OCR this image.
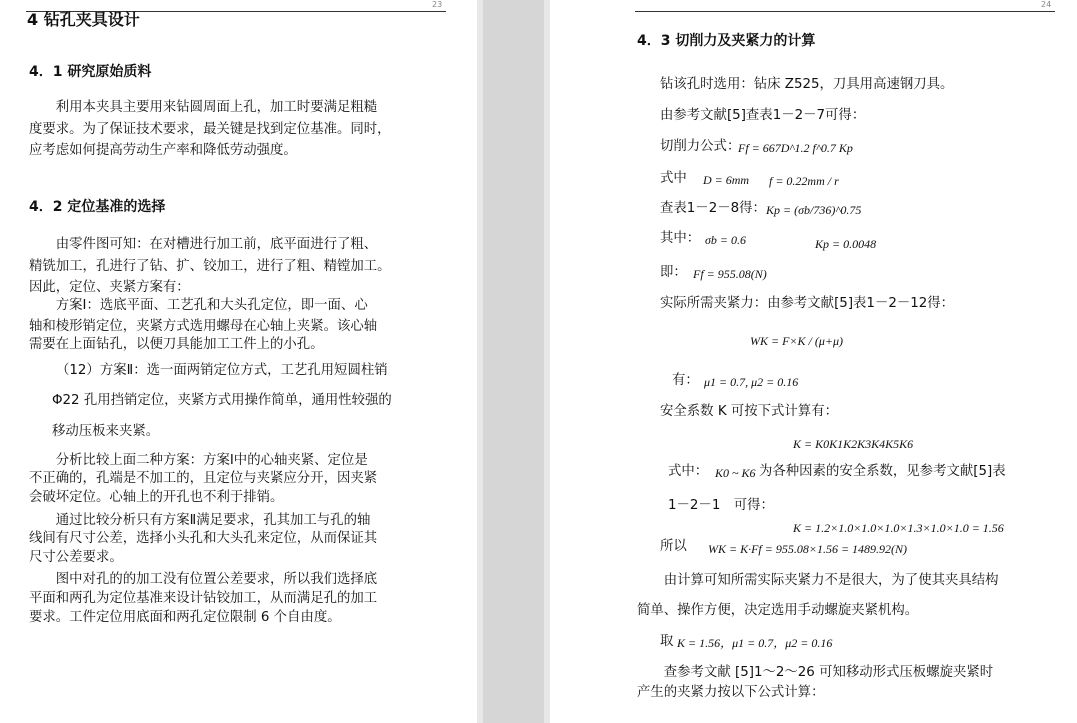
23
4 钻孔夹具设计
4．1 研究原始质料
　　利用本夹具主要用来钻圆周面上孔，加工时要满足粗糙
度要求。为了保证技术要求，最关键是找到定位基准。同时，
应考虑如何提高劳动生产率和降低劳动强度。
4．2 定位基准的选择
　　由零件图可知：在对槽进行加工前，底平面进行了粗、
精铣加工，孔进行了钻、扩、铰加工，进行了粗、精镗加工。
因此，定位、夹紧方案有：
　　方案Ⅰ：选底平面、工艺孔和大头孔定位，即一面、心
轴和棱形销定位，夹紧方式选用螺母在心轴上夹紧。该心轴
需要在上面钻孔，以便刀具能加工工件上的小孔。
（12）方案Ⅱ：选一面两销定位方式，工艺孔用短圆柱销
Φ22 孔用挡销定位，夹紧方式用操作简单，通用性较强的
移动压板来夹紧。
　　分析比较上面二种方案：方案Ⅰ中的心轴夹紧、定位是
不正确的，孔端是不加工的，且定位与夹紧应分开，因夹紧
会破坏定位。心轴上的开孔也不利于排销。
　　通过比较分析只有方案Ⅱ满足要求，孔其加工与孔的轴
线间有尺寸公差，选择小头孔和大头孔来定位，从而保证其
尺寸公差要求。
　　图中对孔的的加工没有位置公差要求，所以我们选择底
平面和两孔为定位基准来设计钻铰加工，从而满足孔的加工
要求。工件定位用底面和两孔定位限制 6 个自由度。
24
4．3 切削力及夹紧力的计算
钻该孔时选用：钻床 Z525，刀具用高速钢刀具。
由参考文献[5]查表1－2－7可得：
切削力公式：
Ff = 667D^1.2 f^0.7 Kp
式中 D = 6mm f = 0.22mm / r
查表1－2－8得： Kp = (σb/736)^0.75
其中： σb = 0.6	Kp = 0.0048
即： Ff = 955.08(N)
实际所需夹紧力：由参考文献[5]表1－2－12得：
WK = F×K / (μ+μ)
有： μ1 = 0.7, μ2 = 0.16
安全系数 K 可按下式计算有：
K = K0K1K2K3K4K5K6
式中： K0 ~ K6 为各种因素的安全系数，见参考文献[5]表
1－2－1　可得：
K = 1.2×1.0×1.0×1.0×1.3×1.0×1.0 = 1.56
所以 WK = K·Ff = 955.08×1.56 = 1489.92(N)
　　由计算可知所需实际夹紧力不是很大，为了使其夹具结构
简单、操作方便，决定选用手动螺旋夹紧机构。
取 K = 1.56，μ1 = 0.7，μ2 = 0.16
　　查参考文献 [5]1～2～26 可知移动形式压板螺旋夹紧时
产生的夹紧力按以下公式计算：
